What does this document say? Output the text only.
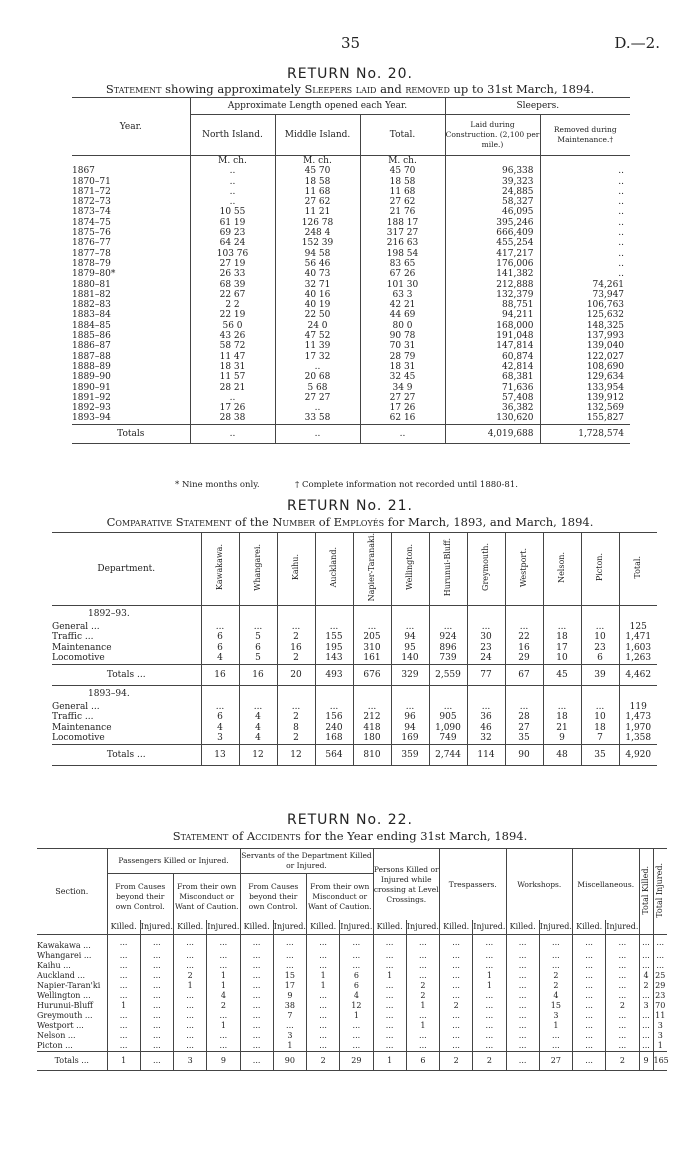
35	D.—2.
RETURN No. 20.
Statement showing approximately Sleepers laid and removed up to 31st March, 1894.
Year.	Approximate Length opened each Year.			Sleepers.	
	North Island.	Middle Island.	Total.	Laid during Construction. (2,100 per mile.)	Removed during Maintenance.†
	M. ch.	M. ch.	M. ch.		
1867	..	45 70	45 70	96,338	..
1870–71	..	18 58	18 58	39,323	..
1871–72	..	11 68	11 68	24,885	..
1872–73	..	27 62	27 62	58,327	..
1873–74	10 55	11 21	21 76	46,095	..
1874–75	61 19	126 78	188 17	395,246	..
1875–76	69 23	248 4	317 27	666,409	..
1876–77	64 24	152 39	216 63	455,254	..
1877–78	103 76	94 58	198 54	417,217	..
1878–79	27 19	56 46	83 65	176,006	..
1879–80*	26 33	40 73	67 26	141,382	..
1880–81	68 39	32 71	101 30	212,888	74,261
1881–82	22 67	40 16	63 3	132,379	73,947
1882–83	2 2	40 19	42 21	88,751	106,763
1883–84	22 19	22 50	44 69	94,211	125,632
1884–85	56 0	24 0	80 0	168,000	148,325
1885–86	43 26	47 52	90 78	191,048	137,993
1886–87	58 72	11 39	70 31	147,814	139,040
1887–88	11 47	17 32	28 79	60,874	122,027
1888–89	18 31	..	18 31	42,814	108,690
1889–90	11 57	20 68	32 45	68,381	129,634
1890–91	28 21	5 68	34 9	71,636	133,954
1891–92	..	27 27	27 27	57,408	139,912
1892–93	17 26	..	17 26	36,382	132,569
1893–94	28 38	33 58	62 16	130,620	155,827
Totals	..	..	..	4,019,688	1,728,574
* Nine months only.	† Complete information not recorded until 1880-81.
RETURN No. 21.
Comparative Statement of the Number of Employés for March, 1893, and March, 1894.
Department.	Kawakawa.	Whangarei.	Kaihu.	Auckland.	Napier-Taranaki.	Wellington.	Hurunui-Bluff.	Greymouth.	Westport.	Nelson.	Picton.	Total.
1892–93.												
General ...	...	...	...	...	...	...	...	...	...	...	...	125
Traffic ...	6	5	2	155	205	94	924	30	22	18	10	1,471
Maintenance	6	6	16	195	310	95	896	23	16	17	23	1,603
Locomotive	4	5	2	143	161	140	739	24	29	10	6	1,263
Totals ...	16	16	20	493	676	329	2,559	77	67	45	39	4,462
1893–94.												
General ...	...	...	...	...	...	...	...	...	...	...	...	119
Traffic ...	6	4	2	156	212	96	905	36	28	18	10	1,473
Maintenance	4	4	8	240	418	94	1,090	46	27	21	18	1,970
Locomotive	3	4	2	168	180	169	749	32	35	9	7	1,358
Totals ...	13	12	12	564	810	359	2,744	114	90	48	35	4,920
RETURN No. 22.
Statement of Accidents for the Year ending 31st March, 1894.
Section.	Passengers Killed or Injured.				Servants of the Department Killed or Injured.				Persons Killed or Injured while crossing at Level Crossings.		Trespassers.		Workshops.		Miscellaneous.		Total Killed.	Total Injured.
	From Causes beyond their own Control.		From their own Misconduct or Want of Caution.		From Causes beyond their own Control.		From their own Misconduct or Want of Caution.											
	Killed.	Injured.	Killed.	Injured.	Killed.	Injured.	Killed.	Injured.	Killed.	Injured.	Killed.	Injured.	Killed.	Injured.	Killed.	Injured.		
Kawakawa ...	...	...	...	...	...	...	...	...	...	...	...	...	...	...	...	...	...	...
Whangarei ...	...	...	...	...	...	...	...	...	...	...	...	...	...	...	...	...	...	...
Kaihu ...	...	...	...	...	...	...	...	...	...	...	...	...	...	...	...	...	...	...
Auckland ...	...	...	2	1	...	15	1	6	1	...	...	1	...	2	...	...	4	25
Napier-Taran'ki	...	...	1	1	...	17	1	6	...	2	...	1	...	2	...	...	2	29
Wellington ...	...	...	...	4	...	9	...	4	...	2	...	...	...	4	...	...	...	23
Hurunui-Bluff	1	...	...	2	...	38	...	12	...	1	2	...	...	15	...	2	3	70
Greymouth ...	...	...	...	...	...	7	...	1	...	...	...	...	...	3	...	...	...	11
Westport ...	...	...	...	1	...	...	...	...	...	1	...	...	...	1	...	...	...	3
Nelson ...	...	...	...	...	...	3	...	...	...	...	...	...	...	...	...	...	...	3
Picton ...	...	...	...	...	...	1	...	...	...	...	...	...	...	...	...	...	...	1
Totals ...	1	...	3	9	...	90	2	29	1	6	2	2	...	27	...	2	9	165
